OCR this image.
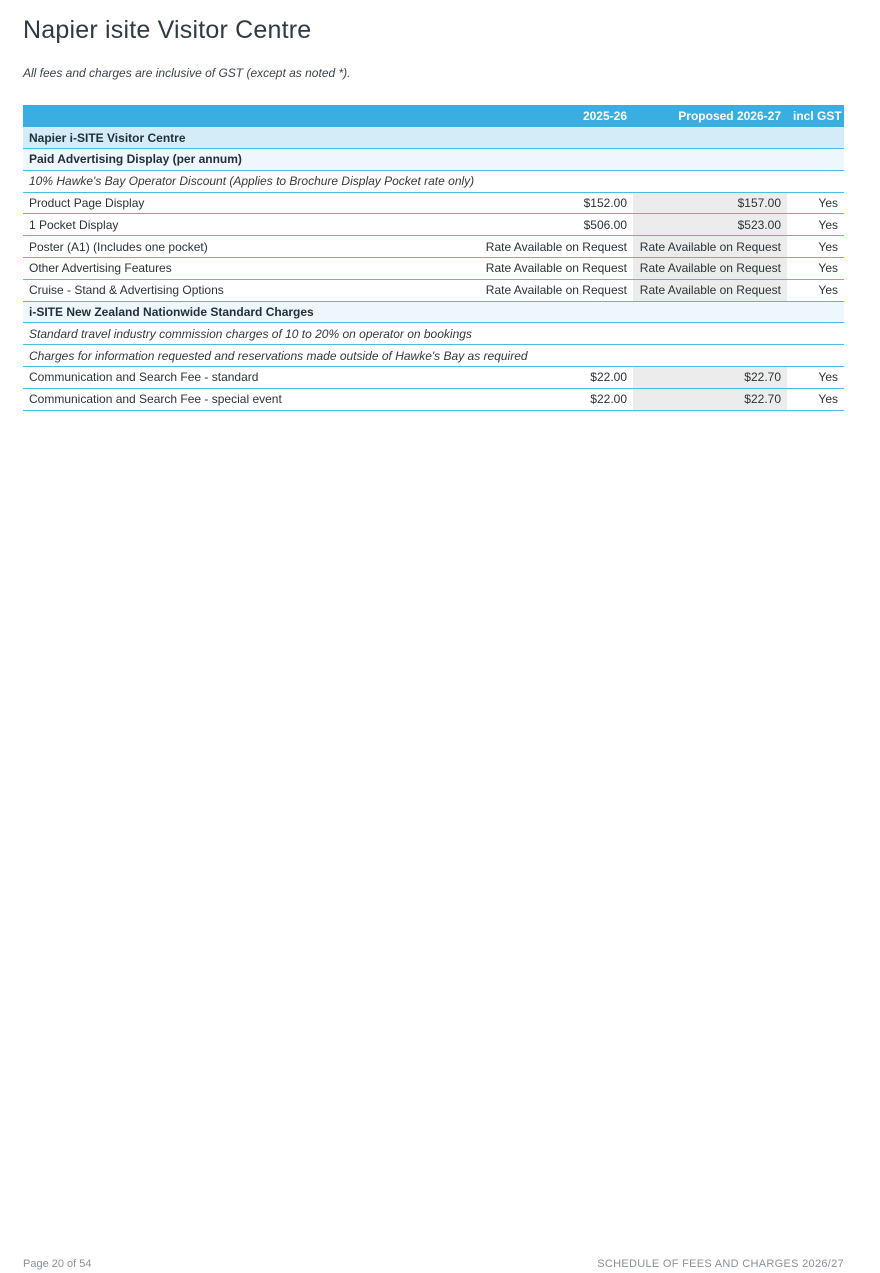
Napier isite Visitor Centre
All fees and charges are inclusive of GST (except as noted *).
	2025-26	Proposed 2026-27	incl GST
Napier i-SITE Visitor Centre			
Paid Advertising Display (per annum)			
10% Hawke's Bay Operator Discount (Applies to Brochure Display Pocket rate only)			
Product Page Display	$152.00	$157.00	Yes
1 Pocket Display	$506.00	$523.00	Yes
Poster (A1) (Includes one pocket)	Rate Available on Request	Rate Available on Request	Yes
Other Advertising Features	Rate Available on Request	Rate Available on Request	Yes
Cruise - Stand & Advertising Options	Rate Available on Request	Rate Available on Request	Yes
i-SITE New Zealand Nationwide Standard Charges			
Standard travel industry commission charges of 10 to 20% on operator on bookings			
Charges for information requested and reservations made outside of Hawke's Bay as required			
Communication and Search Fee - standard	$22.00	$22.70	Yes
Communication and Search Fee - special event	$22.00	$22.70	Yes
Page 20 of 54	SCHEDULE OF FEES AND CHARGES 2026/27
